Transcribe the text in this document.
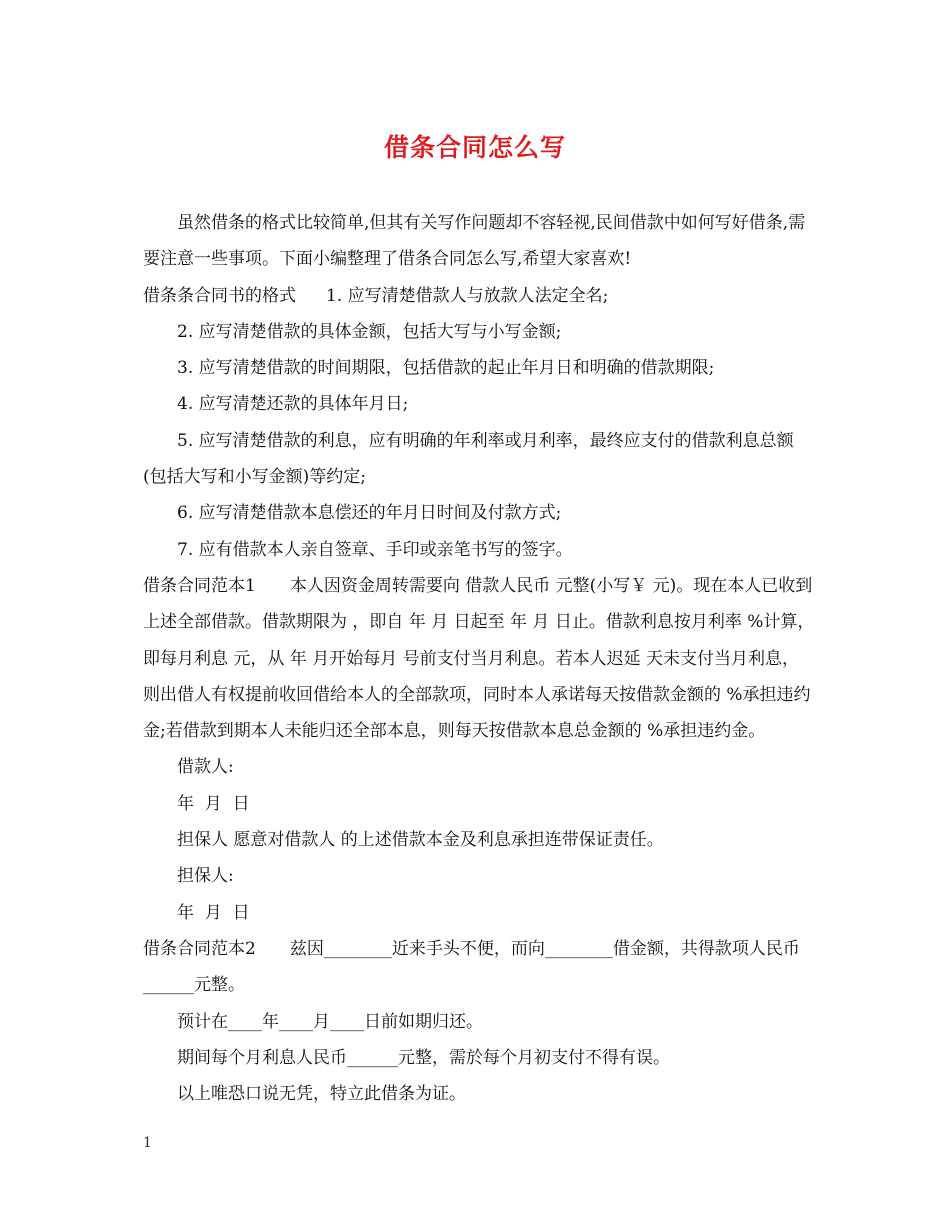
借条合同怎么写

虽然借条的格式比较简单,但其有关写作问题却不容轻视,民间借款中如何写好借条,需要注意一些事项。下面小编整理了借条合同怎么写,希望大家喜欢!

借条条合同书的格式 1. 应写清楚借款人与放款人法定全名;

2. 应写清楚借款的具体金额，包括大写与小写金额;

3. 应写清楚借款的时间期限，包括借款的起止年月日和明确的借款期限;

4. 应写清楚还款的具体年月日;

5. 应写清楚借款的利息，应有明确的年利率或月利率，最终应支付的借款利息总额(包括大写和小写金额)等约定;

6. 应写清楚借款本息偿还的年月日时间及付款方式;

7. 应有借款本人亲自签章、手印或亲笔书写的签字。

借条合同范本1 本人因资金周转需要向 借款人民币 元整(小写￥ 元)。现在本人已收到上述全部借款。借款期限为 ，即自 年 月 日起至 年 月 日止。借款利息按月利率 %计算，即每月利息 元，从 年 月开始每月 号前支付当月利息。若本人迟延 天未支付当月利息，则出借人有权提前收回借给本人的全部款项，同时本人承诺每天按借款金额的 %承担违约金;若借款到期本人未能归还全部本息，则每天按借款本息总金额的 %承担违约金。

借款人:

年  月  日

担保人 愿意对借款人 的上述借款本金及利息承担连带保证责任。

担保人:

年  月  日

借条合同范本2 兹因________近来手头不便，而向________借金额，共得款项人民币______元整。

预计在____年____月____日前如期归还。

期间每个月利息人民币______元整，需於每个月初支付不得有误。

以上唯恐口说无凭，特立此借条为证。

1
